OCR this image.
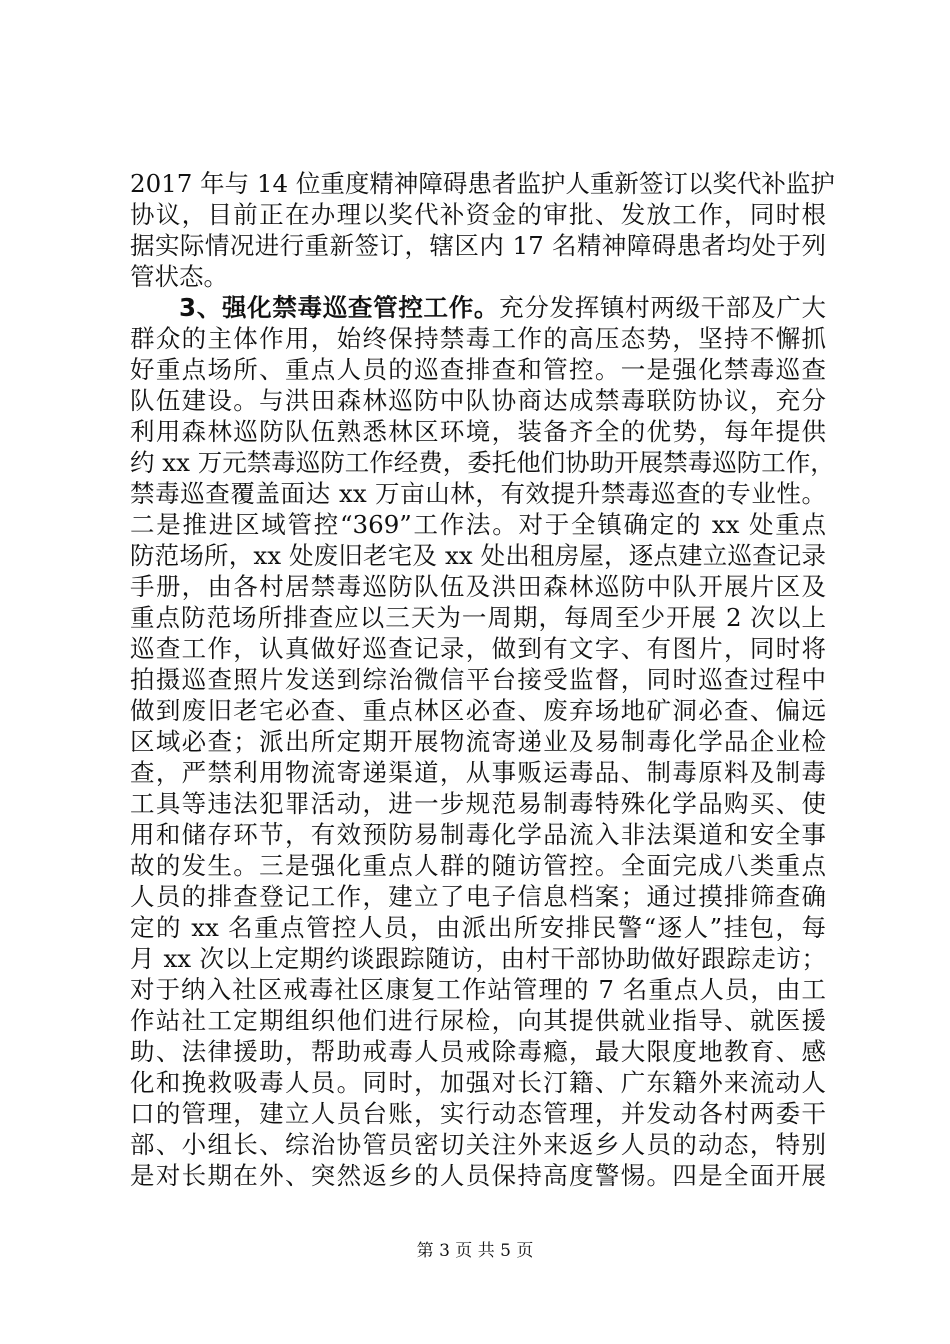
2017 年与 14 位重度精神障碍患者监护人重新签订以奖代补监护
协议，目前正在办理以奖代补资金的审批、发放工作，同时根
据实际情况进行重新签订，辖区内 17 名精神障碍患者均处于列
管状态。
3、强化禁毒巡查管控工作。充分发挥镇村两级干部及广大
群众的主体作用，始终保持禁毒工作的高压态势，坚持不懈抓
好重点场所、重点人员的巡查排查和管控。一是强化禁毒巡查
队伍建设。与洪田森林巡防中队协商达成禁毒联防协议，充分
利用森林巡防队伍熟悉林区环境，装备齐全的优势，每年提供
约 xx 万元禁毒巡防工作经费，委托他们协助开展禁毒巡防工作，
禁毒巡查覆盖面达 xx 万亩山林，有效提升禁毒巡查的专业性。
二是推进区域管控“369”工作法。对于全镇确定的 xx 处重点
防范场所，xx 处废旧老宅及 xx 处出租房屋，逐点建立巡查记录
手册，由各村居禁毒巡防队伍及洪田森林巡防中队开展片区及
重点防范场所排查应以三天为一周期，每周至少开展 2 次以上
巡查工作，认真做好巡查记录，做到有文字、有图片，同时将
拍摄巡查照片发送到综治微信平台接受监督，同时巡查过程中
做到废旧老宅必查、重点林区必查、废弃场地矿洞必查、偏远
区域必查；派出所定期开展物流寄递业及易制毒化学品企业检
查，严禁利用物流寄递渠道，从事贩运毒品、制毒原料及制毒
工具等违法犯罪活动，进一步规范易制毒特殊化学品购买、使
用和储存环节，有效预防易制毒化学品流入非法渠道和安全事
故的发生。三是强化重点人群的随访管控。全面完成八类重点
人员的排查登记工作，建立了电子信息档案；通过摸排筛查确
定的 xx 名重点管控人员，由派出所安排民警“逐人”挂包，每
月 xx 次以上定期约谈跟踪随访，由村干部协助做好跟踪走访；
对于纳入社区戒毒社区康复工作站管理的 7 名重点人员，由工
作站社工定期组织他们进行尿检，向其提供就业指导、就医援
助、法律援助，帮助戒毒人员戒除毒瘾，最大限度地教育、感
化和挽救吸毒人员。同时，加强对长汀籍、广东籍外来流动人
口的管理，建立人员台账，实行动态管理，并发动各村两委干
部、小组长、综治协管员密切关注外来返乡人员的动态，特别
是对长期在外、突然返乡的人员保持高度警惕。四是全面开展
第 3 页 共 5 页
